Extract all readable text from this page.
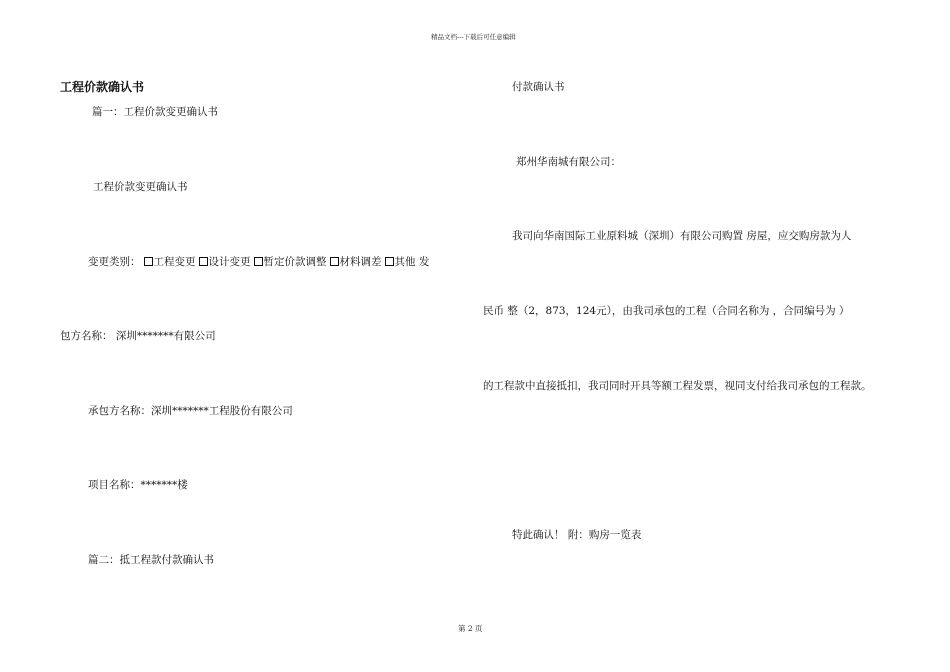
精品文档---下载后可任意编辑
工程价款确认书
篇一：工程价款变更确认书
工程价款变更确认书
变更类别： 工程变更 设计变更 暂定价款调整 材料调差 其他 发
包方名称： 深圳*******有限公司
承包方名称：深圳*******工程股份有限公司
项目名称：*******楼
篇二：抵工程款付款确认书
付款确认书
郑州华南城有限公司：
我司向华南国际工业原料城（深圳）有限公司购置 房屋，应交购房款为人
民币 整（2，873，124元），由我司承包的工程（合同名称为 ，合同编号为 ）
的工程款中直接抵扣，我司同时开具等额工程发票，视同支付给我司承包的工程款。
特此确认！ 附：购房一览表
第 2 页
